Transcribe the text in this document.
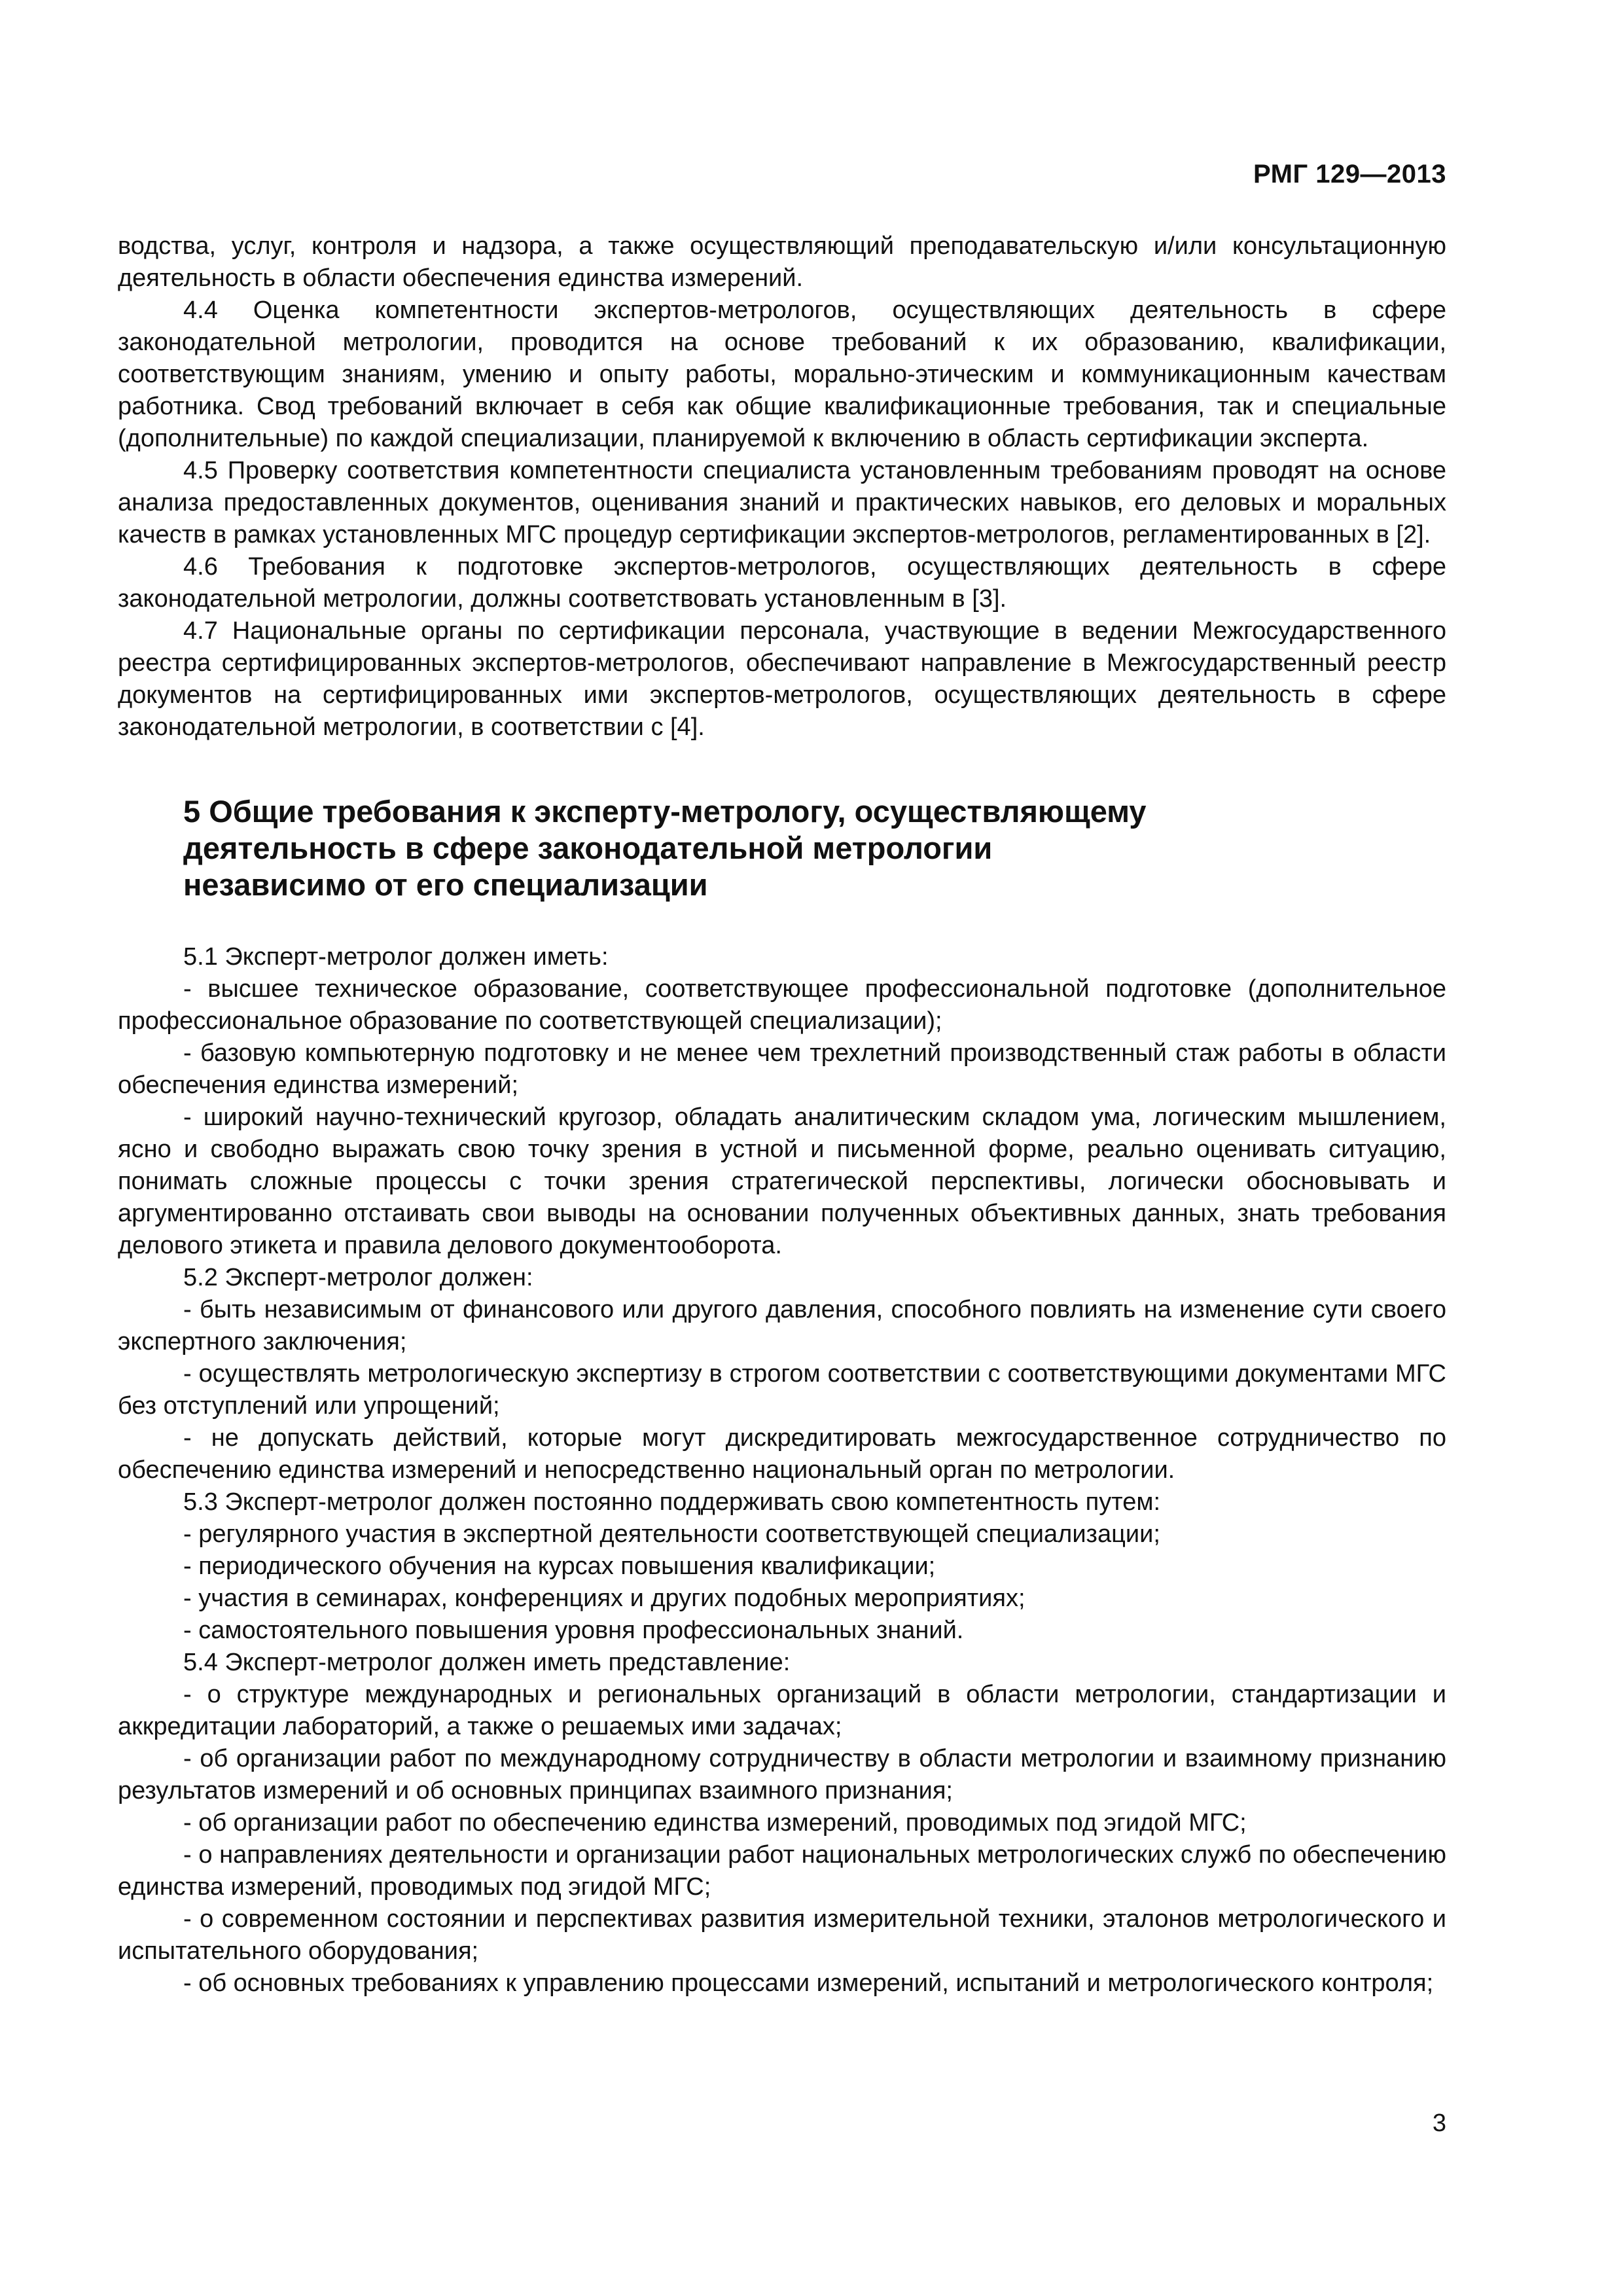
РМГ 129—2013

водства, услуг, контроля и надзора, а также осуществляющий преподавательскую и/или консультационную деятельность в области обеспечения единства измерений.

4.4 Оценка компетентности экспертов-метрологов, осуществляющих деятельность в сфере законодательной метрологии, проводится на основе требований к их образованию, квалификации, соответствующим знаниям, умению и опыту работы, морально-этическим и коммуникационным качествам работника. Свод требований включает в себя как общие квалификационные требования, так и специальные (дополнительные) по каждой специализации, планируемой к включению в область сертификации эксперта.

4.5 Проверку соответствия компетентности специалиста установленным требованиям проводят на основе анализа предоставленных документов, оценивания знаний и практических навыков, его деловых и моральных качеств в рамках установленных МГС процедур сертификации экспертов-метрологов, регламентированных в [2].

4.6 Требования к подготовке экспертов-метрологов, осуществляющих деятельность в сфере законодательной метрологии, должны соответствовать установленным в [3].

4.7 Национальные органы по сертификации персонала, участвующие в ведении Межгосударственного реестра сертифицированных экспертов-метрологов, обеспечивают направление в Межгосударственный реестр документов на сертифицированных ими экспертов-метрологов, осуществляющих деятельность в сфере законодательной метрологии, в соответствии с [4].

5 Общие требования к эксперту-метрологу, осуществляющему
деятельность в сфере законодательной метрологии
независимо от его специализации

5.1 Эксперт-метролог должен иметь:

- высшее техническое образование, соответствующее профессиональной подготовке (дополнительное профессиональное образование по соответствующей специализации);

- базовую компьютерную подготовку и не менее чем трехлетний производственный стаж работы в области обеспечения единства измерений;

- широкий научно-технический кругозор, обладать аналитическим складом ума, логическим мышлением, ясно и свободно выражать свою точку зрения в устной и письменной форме, реально оценивать ситуацию, понимать сложные процессы с точки зрения стратегической перспективы, логически обосновывать и аргументированно отстаивать свои выводы на основании полученных объективных данных, знать требования делового этикета и правила делового документооборота.

5.2 Эксперт-метролог должен:

- быть независимым от финансового или другого давления, способного повлиять на изменение сути своего экспертного заключения;

- осуществлять метрологическую экспертизу в строгом соответствии с соответствующими документами МГС без отступлений или упрощений;

- не допускать действий, которые могут дискредитировать межгосударственное сотрудничество по обеспечению единства измерений и непосредственно национальный орган по метрологии.

5.3 Эксперт-метролог должен постоянно поддерживать свою компетентность путем:

- регулярного участия в экспертной деятельности соответствующей специализации;

- периодического обучения на курсах повышения квалификации;

- участия в семинарах, конференциях и других подобных мероприятиях;

- самостоятельного повышения уровня профессиональных знаний.

5.4 Эксперт-метролог должен иметь представление:

- о структуре международных и региональных организаций в области метрологии, стандартизации и аккредитации лабораторий, а также о решаемых ими задачах;

- об организации работ по международному сотрудничеству в области метрологии и взаимному признанию результатов измерений и об основных принципах взаимного признания;

- об организации работ по обеспечению единства измерений, проводимых под эгидой МГС;

- о направлениях деятельности и организации работ национальных метрологических служб по обеспечению единства измерений, проводимых под эгидой МГС;

- о современном состоянии и перспективах развития измерительной техники, эталонов метрологического и испытательного оборудования;

- об основных требованиях к управлению процессами измерений, испытаний и метрологического контроля;

3
